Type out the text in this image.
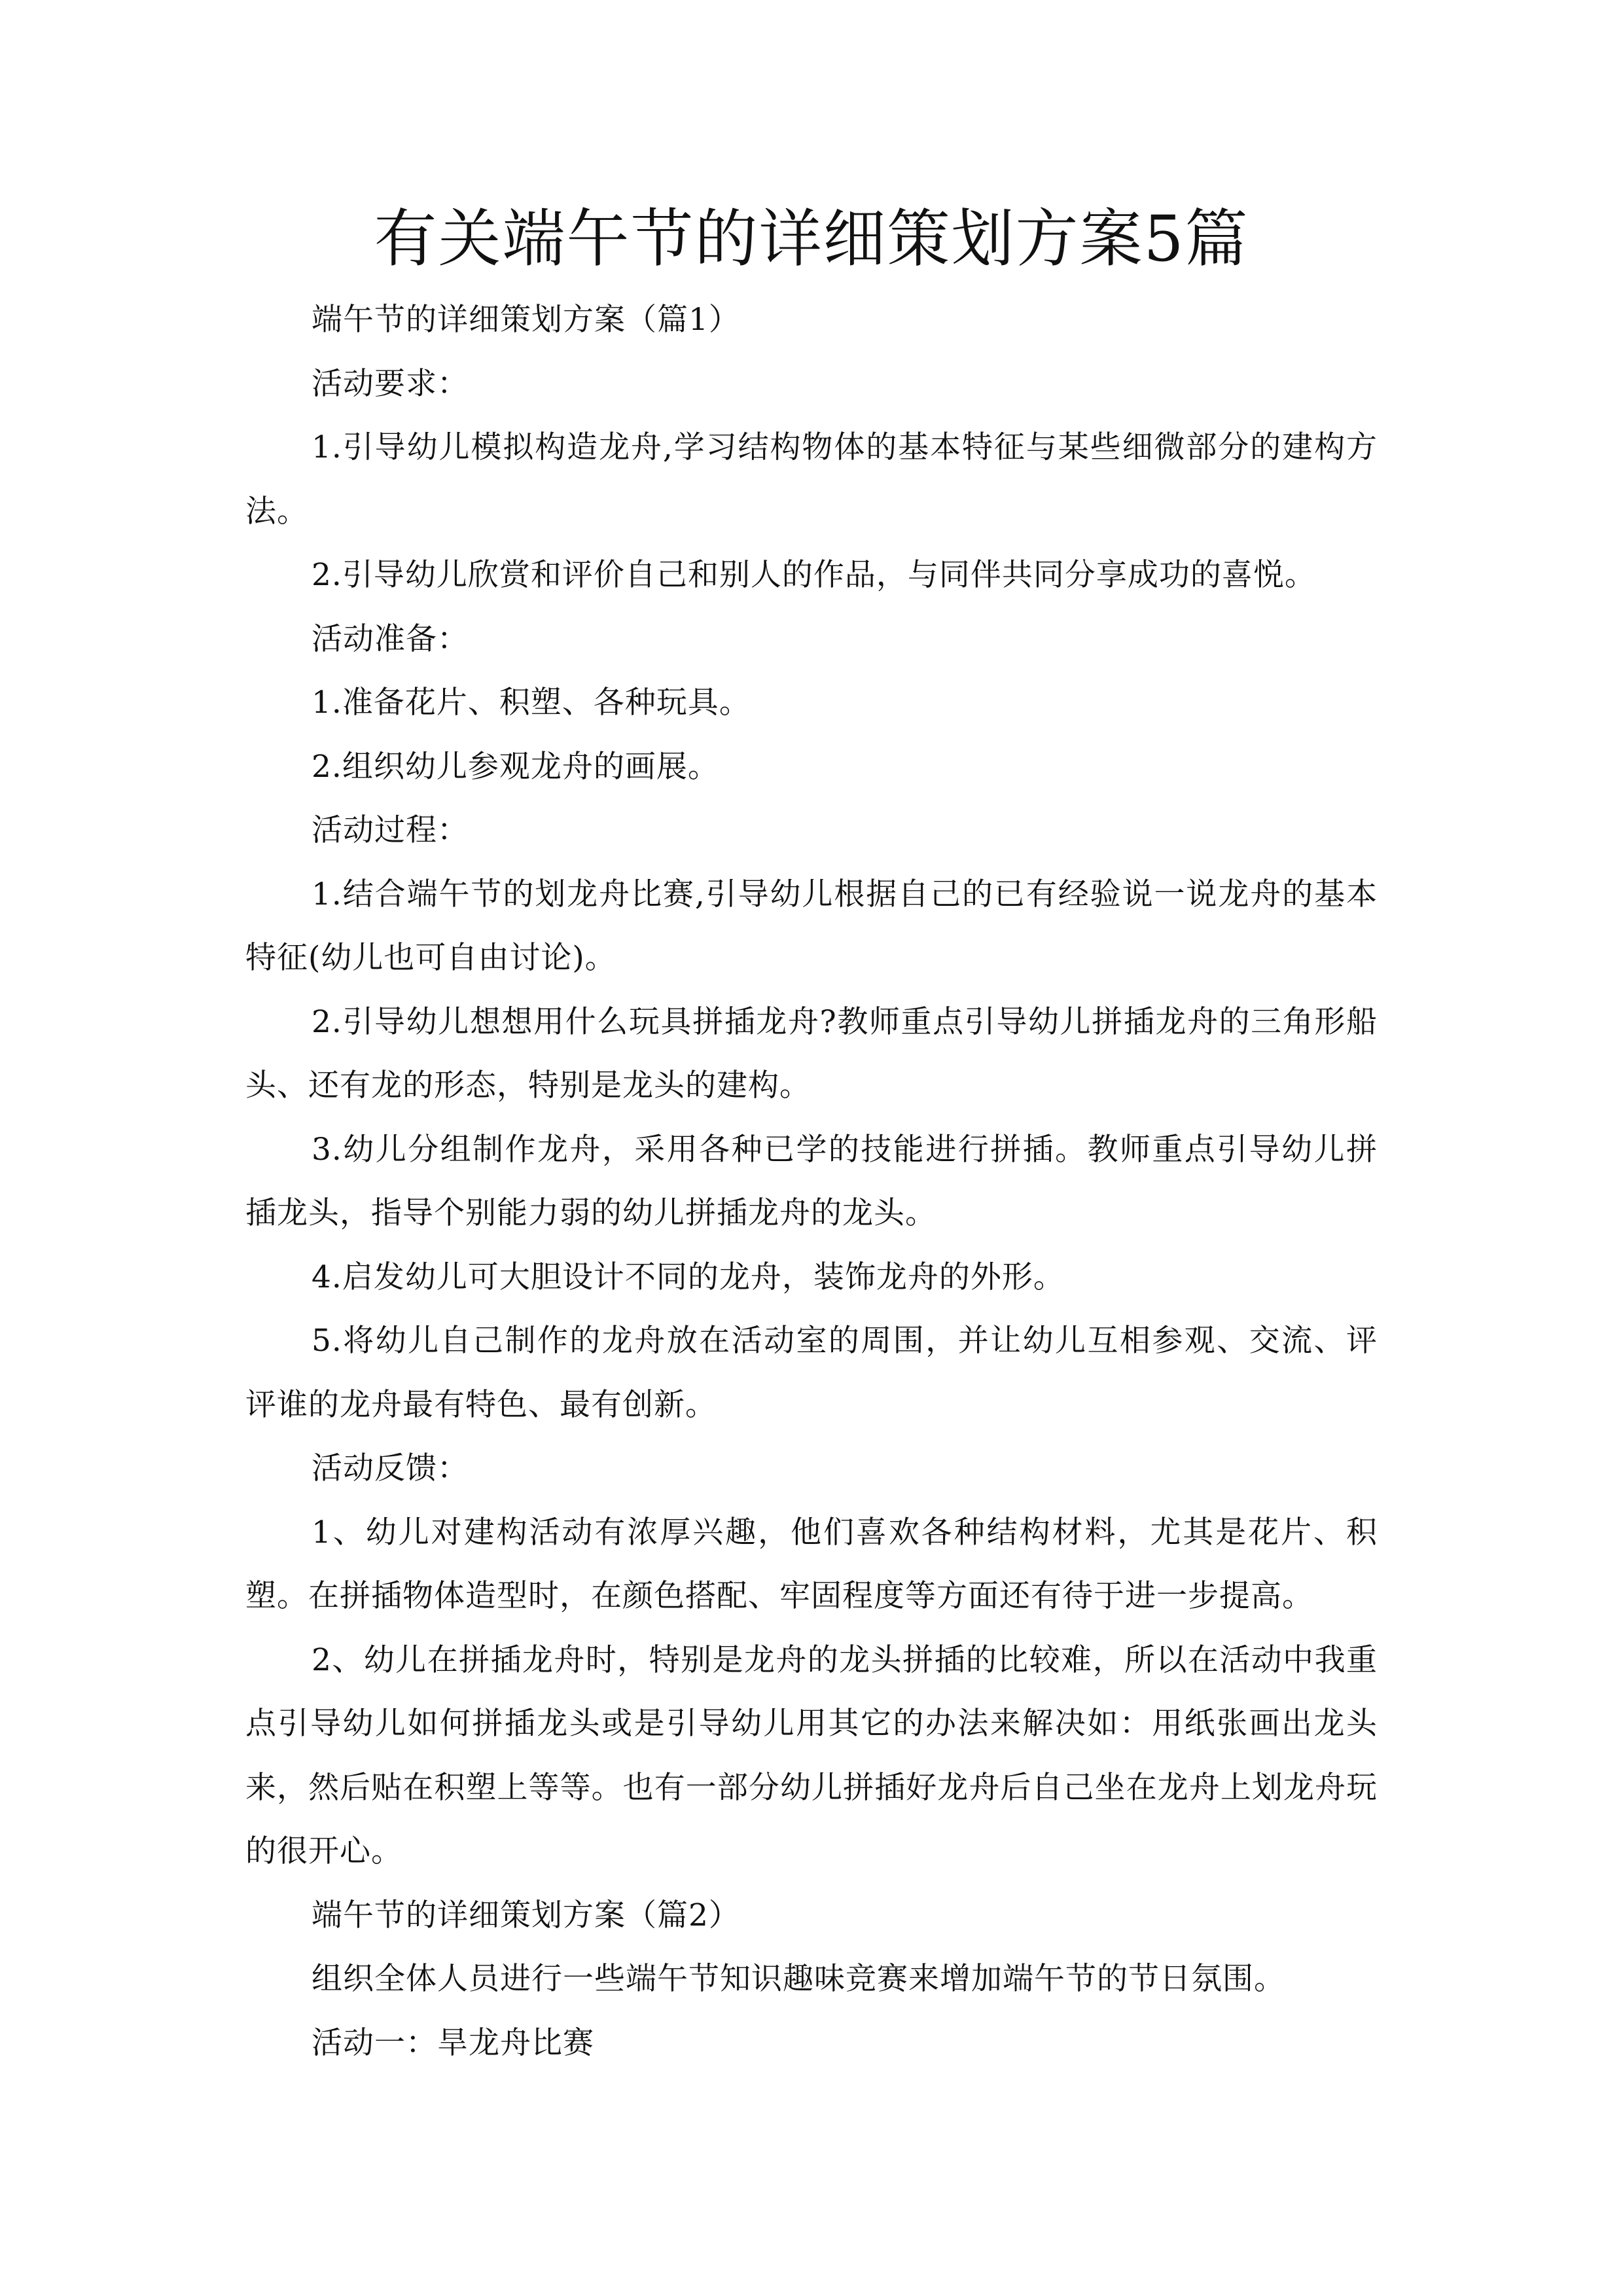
有关端午节的详细策划方案5篇

端午节的详细策划方案（篇1）

活动要求：

1.引导幼儿模拟构造龙舟,学习结构物体的基本特征与某些细微部分的建构方法。

2.引导幼儿欣赏和评价自己和别人的作品，与同伴共同分享成功的喜悦。

活动准备：

1.准备花片、积塑、各种玩具。

2.组织幼儿参观龙舟的画展。

活动过程：

1.结合端午节的划龙舟比赛,引导幼儿根据自己的已有经验说一说龙舟的基本特征(幼儿也可自由讨论)。

2.引导幼儿想想用什么玩具拼插龙舟?教师重点引导幼儿拼插龙舟的三角形船头、还有龙的形态，特别是龙头的建构。

3.幼儿分组制作龙舟，采用各种已学的技能进行拼插。教师重点引导幼儿拼插龙头，指导个别能力弱的幼儿拼插龙舟的龙头。

4.启发幼儿可大胆设计不同的龙舟，装饰龙舟的外形。

5.将幼儿自己制作的龙舟放在活动室的周围，并让幼儿互相参观、交流、评评谁的龙舟最有特色、最有创新。

活动反馈：

1、幼儿对建构活动有浓厚兴趣，他们喜欢各种结构材料，尤其是花片、积塑。在拼插物体造型时，在颜色搭配、牢固程度等方面还有待于进一步提高。

2、幼儿在拼插龙舟时，特别是龙舟的龙头拼插的比较难，所以在活动中我重点引导幼儿如何拼插龙头或是引导幼儿用其它的办法来解决如：用纸张画出龙头来，然后贴在积塑上等等。也有一部分幼儿拼插好龙舟后自己坐在龙舟上划龙舟玩的很开心。

端午节的详细策划方案（篇2）

组织全体人员进行一些端午节知识趣味竞赛来增加端午节的节日氛围。

活动一：旱龙舟比赛
